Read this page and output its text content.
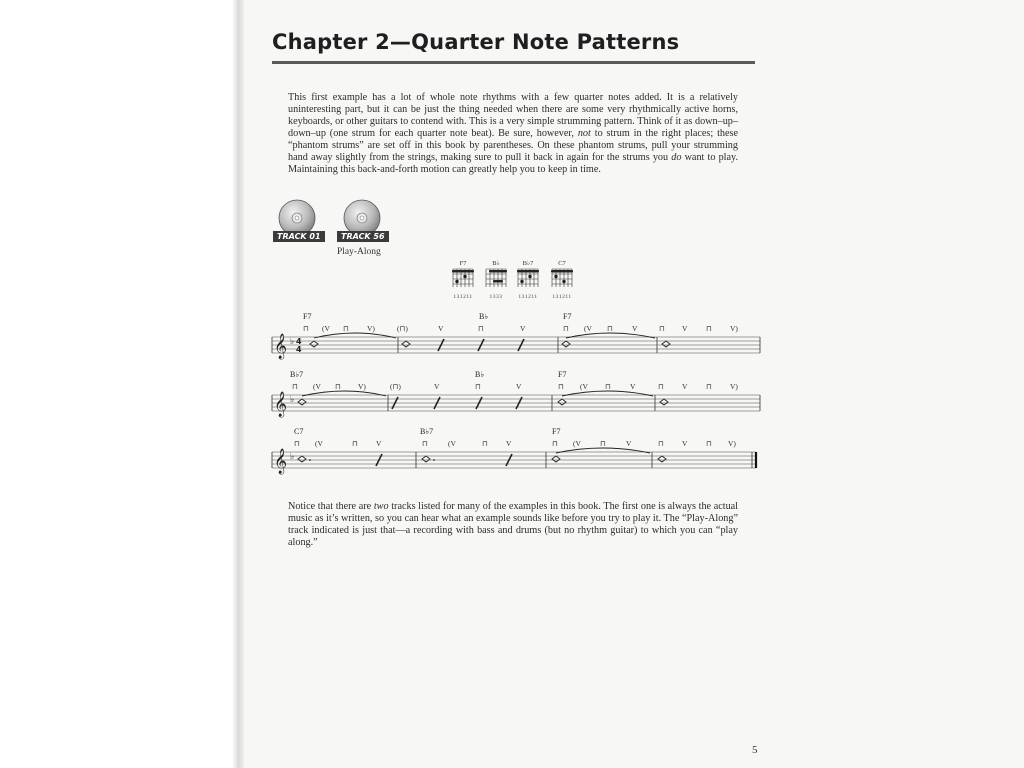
Chapter 2—Quarter Note Patterns

This first example has a lot of whole note rhythms with a few quarter notes added. It is a relatively uninteresting part, but it can be just the thing needed when there are some very rhythmically active horns, keyboards, or other guitars to contend with. This is a very simple strumming pattern. Think of it as down–up–down–up (one strum for each quarter note beat). Be sure, however, not to strum in the right places; these “phantom strums” are set off in this book by parentheses. On these phantom strums, pull your strumming hand away slightly from the strings, making sure to pull it back in again for the strums you do want to play. Maintaining this back-and-forth motion can greatly help you to keep in time.

TRACK 01	TRACK 56
Play-Along
F7
131211
B♭
1333
B♭7
131211
C7
131211
𝄞 ♭ 4
4
F7	B♭	F7
⊓ (V ⊓ V)	(⊓)	V	⊓	V	⊓ (V ⊓	V	⊓ V ⊓ V)
𝄞 ♭
B♭7	B♭	F7
⊓ (V ⊓ V)	(⊓)	V	⊓	V	⊓ (V ⊓	V	⊓ V ⊓ V)
𝄞 ♭
C7	B♭7	F7
⊓ (V	⊓ V	⊓	(V	⊓ V	⊓ (V	⊓	V	⊓ V ⊓ V)

Notice that there are two tracks listed for many of the examples in this book. The first one is always the actual music as it’s written, so you can hear what an example sounds like before you try to play it. The “Play-Along” track indicated is just that—a recording with bass and drums (but no rhythm guitar) to which you can “play along.”

5
